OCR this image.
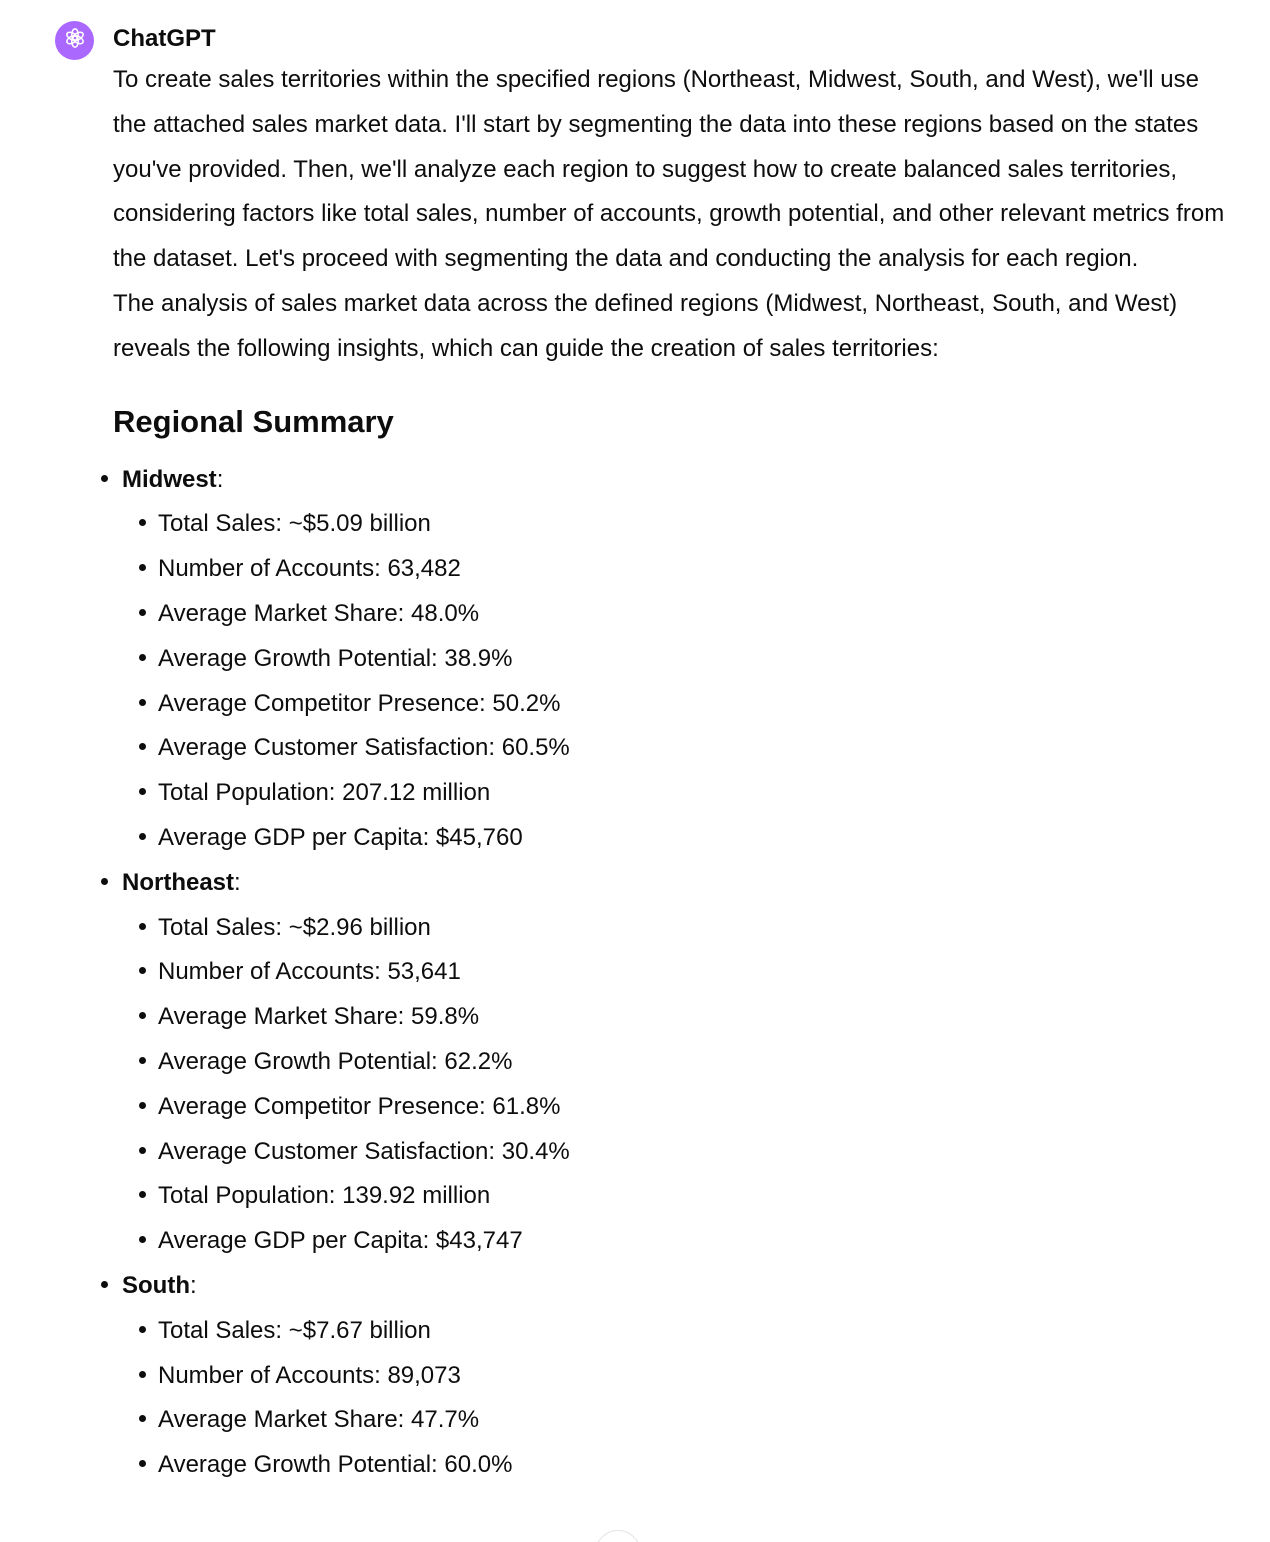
ChatGPT

To create sales territories within the specified regions (Northeast, Midwest, South, and West), we'll use the attached sales market data. I'll start by segmenting the data into these regions based on the states you've provided. Then, we'll analyze each region to suggest how to create balanced sales territories, considering factors like total sales, number of accounts, growth potential, and other relevant metrics from the dataset. Let's proceed with segmenting the data and conducting the analysis for each region.

The analysis of sales market data across the defined regions (Midwest, Northeast, South, and West) reveals the following insights, which can guide the creation of sales territories:

Regional Summary
Midwest:
Total Sales: ~$5.09 billion
Number of Accounts: 63,482
Average Market Share: 48.0%
Average Growth Potential: 38.9%
Average Competitor Presence: 50.2%
Average Customer Satisfaction: 60.5%
Total Population: 207.12 million
Average GDP per Capita: $45,760
Northeast:
Total Sales: ~$2.96 billion
Number of Accounts: 53,641
Average Market Share: 59.8%
Average Growth Potential: 62.2%
Average Competitor Presence: 61.8%
Average Customer Satisfaction: 30.4%
Total Population: 139.92 million
Average GDP per Capita: $43,747
South:
Total Sales: ~$7.67 billion
Number of Accounts: 89,073
Average Market Share: 47.7%
Average Growth Potential: 60.0%
